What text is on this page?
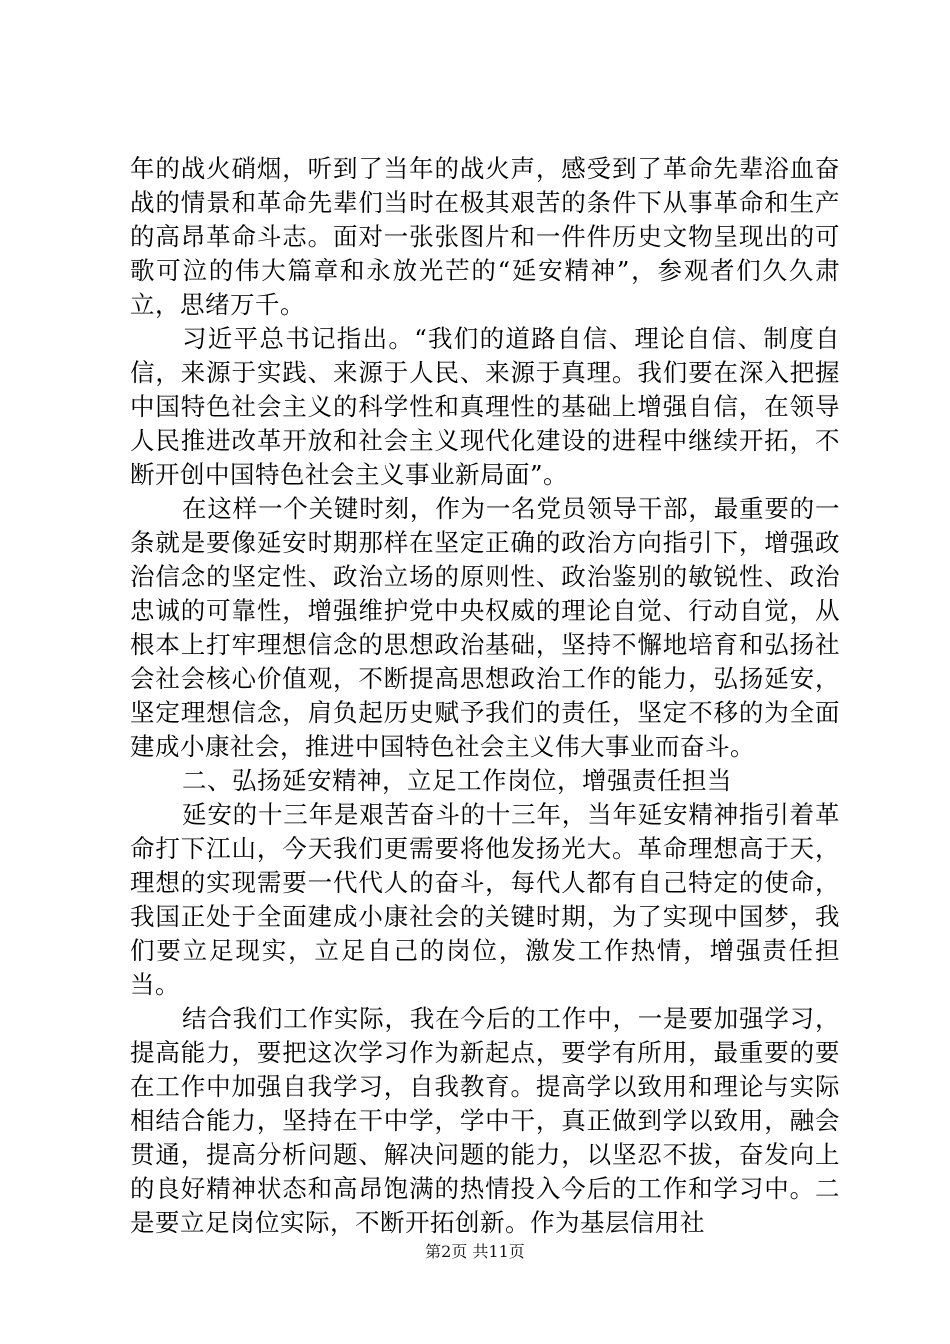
年的战火硝烟，听到了当年的战火声，感受到了革命先辈浴血奋战的情景和革命先辈们当时在极其艰苦的条件下从事革命和生产的高昂革命斗志。面对一张张图片和一件件历史文物呈现出的可歌可泣的伟大篇章和永放光芒的“延安精神”，参观者们久久肃立，思绪万千。

习近平总书记指出。“我们的道路自信、理论自信、制度自信，来源于实践、来源于人民、来源于真理。我们要在深入把握中国特色社会主义的科学性和真理性的基础上增强自信，在领导人民推进改革开放和社会主义现代化建设的进程中继续开拓，不断开创中国特色社会主义事业新局面”。

在这样一个关键时刻，作为一名党员领导干部，最重要的一条就是要像延安时期那样在坚定正确的政治方向指引下，增强政治信念的坚定性、政治立场的原则性、政治鉴别的敏锐性、政治忠诚的可靠性，增强维护党中央权威的理论自觉、行动自觉，从根本上打牢理想信念的思想政治基础，坚持不懈地培育和弘扬社会社会核心价值观，不断提高思想政治工作的能力，弘扬延安，坚定理想信念，肩负起历史赋予我们的责任，坚定不移的为全面建成小康社会，推进中国特色社会主义伟大事业而奋斗。

二、弘扬延安精神，立足工作岗位，增强责任担当

延安的十三年是艰苦奋斗的十三年，当年延安精神指引着革命打下江山，今天我们更需要将他发扬光大。革命理想高于天，理想的实现需要一代代人的奋斗，每代人都有自己特定的使命，我国正处于全面建成小康社会的关键时期，为了实现中国梦，我们要立足现实，立足自己的岗位，激发工作热情，增强责任担当。

结合我们工作实际，我在今后的工作中，一是要加强学习，提高能力，要把这次学习作为新起点，要学有所用，最重要的要在工作中加强自我学习，自我教育。提高学以致用和理论与实际相结合能力，坚持在干中学，学中干，真正做到学以致用，融会贯通，提高分析问题、解决问题的能力，以坚忍不拔，奋发向上的良好精神状态和高昂饱满的热情投入今后的工作和学习中。二是要立足岗位实际，不断开拓创新。作为基层信用社

第2页 共11页
